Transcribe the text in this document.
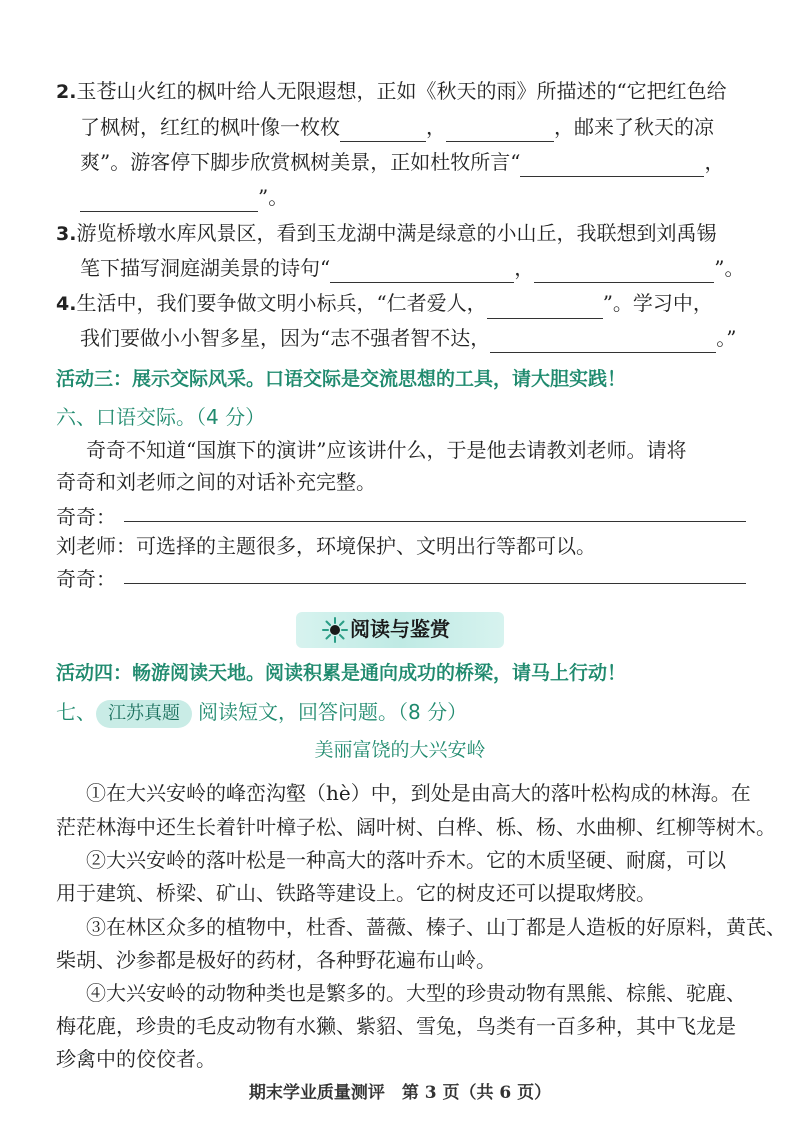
2.玉苍山火红的枫叶给人无限遐想，正如《秋天的雨》所描述的“它把红色给
了枫树，红红的枫叶像一枚枚	，	，邮来了秋天的凉
爽”。游客停下脚步欣赏枫树美景，正如杜牧所言“	，
”。
3.游览桥墩水库风景区，看到玉龙湖中满是绿意的小山丘，我联想到刘禹锡
笔下描写洞庭湖美景的诗句“	，	”。
4.生活中，我们要争做文明小标兵，“仁者爱人，	”。学习中，
我们要做小小智多星，因为“志不强者智不达，	。”
活动三：展示交际风采。口语交际是交流思想的工具，请大胆实践！
六、口语交际。（4 分）
奇奇不知道“国旗下的演讲”应该讲什么，于是他去请教刘老师。请将
奇奇和刘老师之间的对话补充完整。
奇奇：
刘老师：可选择的主题很多，环境保护、文明出行等都可以。
奇奇：
阅读与鉴赏
活动四：畅游阅读天地。阅读积累是通向成功的桥梁，请马上行动！
七、 江苏真题 阅读短文，回答问题。（8 分）
美丽富饶的大兴安岭
①在大兴安岭的峰峦沟壑（hè）中，到处是由高大的落叶松构成的林海。在
茫茫林海中还生长着针叶樟子松、阔叶树、白桦、栎、杨、水曲柳、红柳等树木。
②大兴安岭的落叶松是一种高大的落叶乔木。它的木质坚硬、耐腐，可以
用于建筑、桥梁、矿山、铁路等建设上。它的树皮还可以提取烤胶。
③在林区众多的植物中，杜香、蔷薇、榛子、山丁都是人造板的好原料，黄芪、
柴胡、沙参都是极好的药材，各种野花遍布山岭。
④大兴安岭的动物种类也是繁多的。大型的珍贵动物有黑熊、棕熊、驼鹿、
梅花鹿，珍贵的毛皮动物有水獭、紫貂、雪兔，鸟类有一百多种，其中飞龙是
珍禽中的佼佼者。
期末学业质量测评　第 3 页（共 6 页）
